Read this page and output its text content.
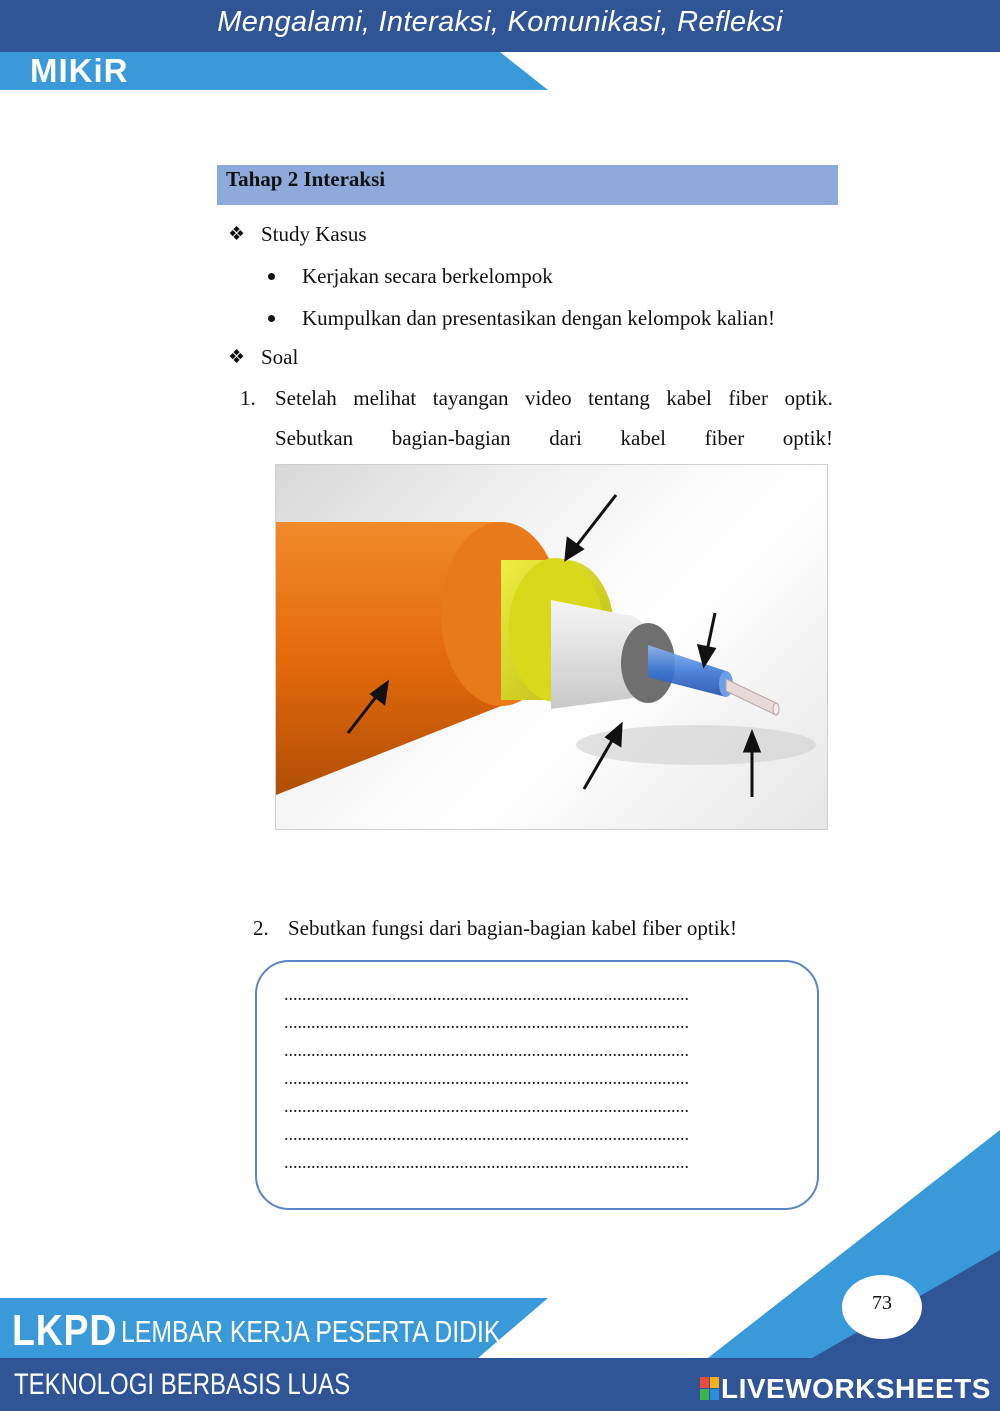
Mengalami, Interaksi, Komunikasi, Refleksi
MIKiR
Tahap 2 Interaksi
❖ Study Kasus
Kerjakan secara berkelompok
Kumpulkan dan presentasikan dengan kelompok kalian!
❖ Soal
1. Setelah melihat tayangan video tentang kabel fiber optik.
Sebutkan bagian-bagian dari kabel fiber optik!
2. Sebutkan fungsi dari bagian-bagian kabel fiber optik!
..........................................................................................
..........................................................................................
..........................................................................................
..........................................................................................
..........................................................................................
..........................................................................................
..........................................................................................
LKPD LEMBAR KERJA PESERTA DIDIK
TEKNOLOGI BERBASIS LUAS
73
LIVEWORKSHEETS
